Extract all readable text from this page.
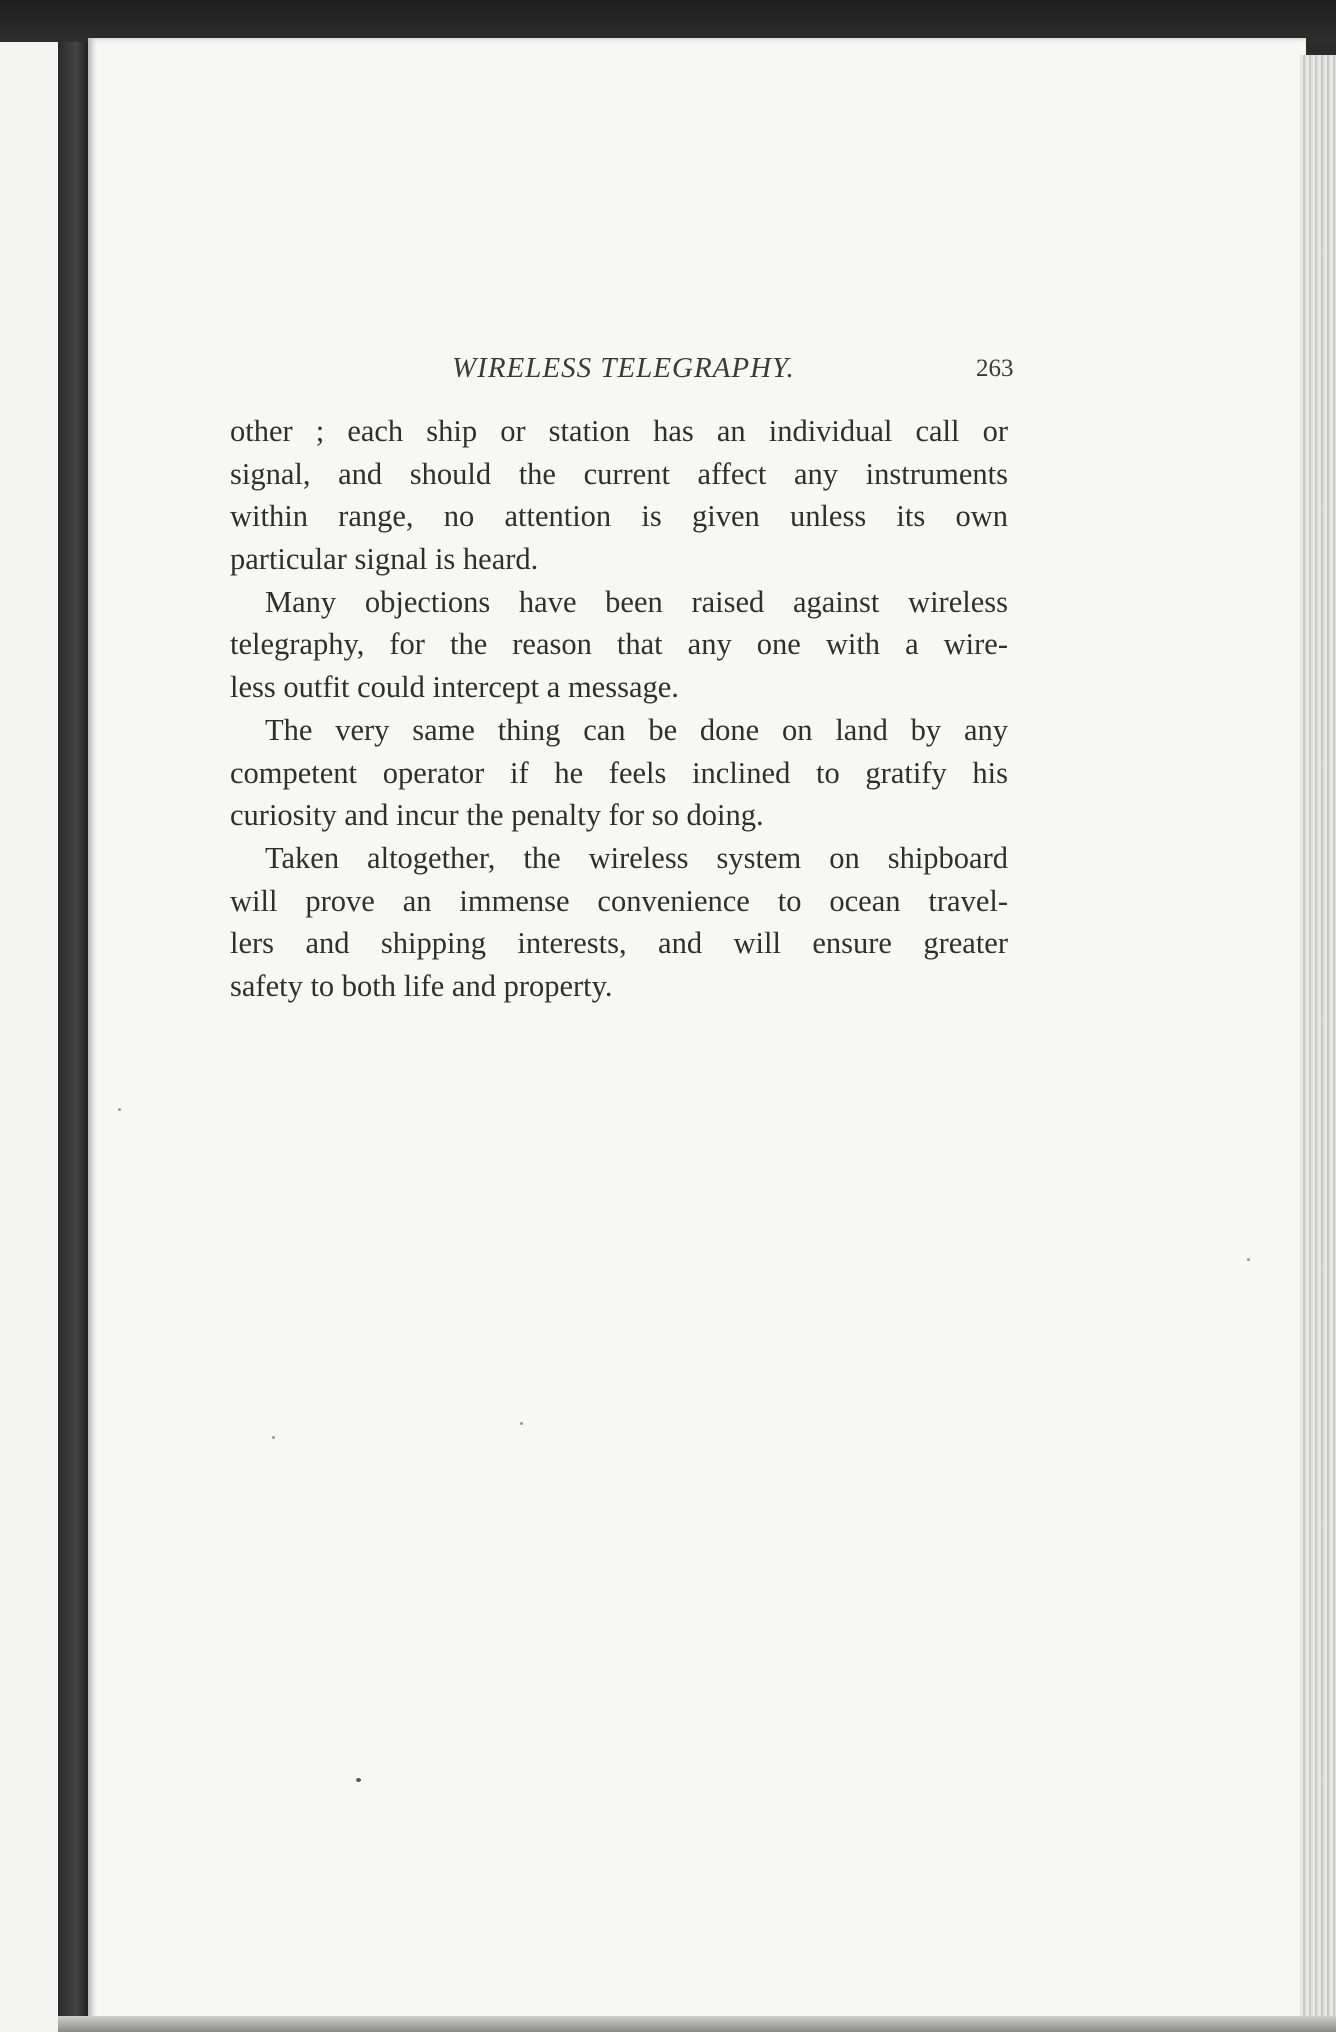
WIRELESS TELEGRAPHY.	263
other ; each ship or station has an individual call or
signal, and should the current affect any instruments
within range, no attention is given unless its own
particular signal is heard.
Many objections have been raised against wireless
telegraphy, for the reason that any one with a wire-
less outfit could intercept a message.
The very same thing can be done on land by any
competent operator if he feels inclined to gratify his
curiosity and incur the penalty for so doing.
Taken altogether, the wireless system on shipboard
will prove an immense convenience to ocean travel-
lers and shipping interests, and will ensure greater
safety to both life and property.
